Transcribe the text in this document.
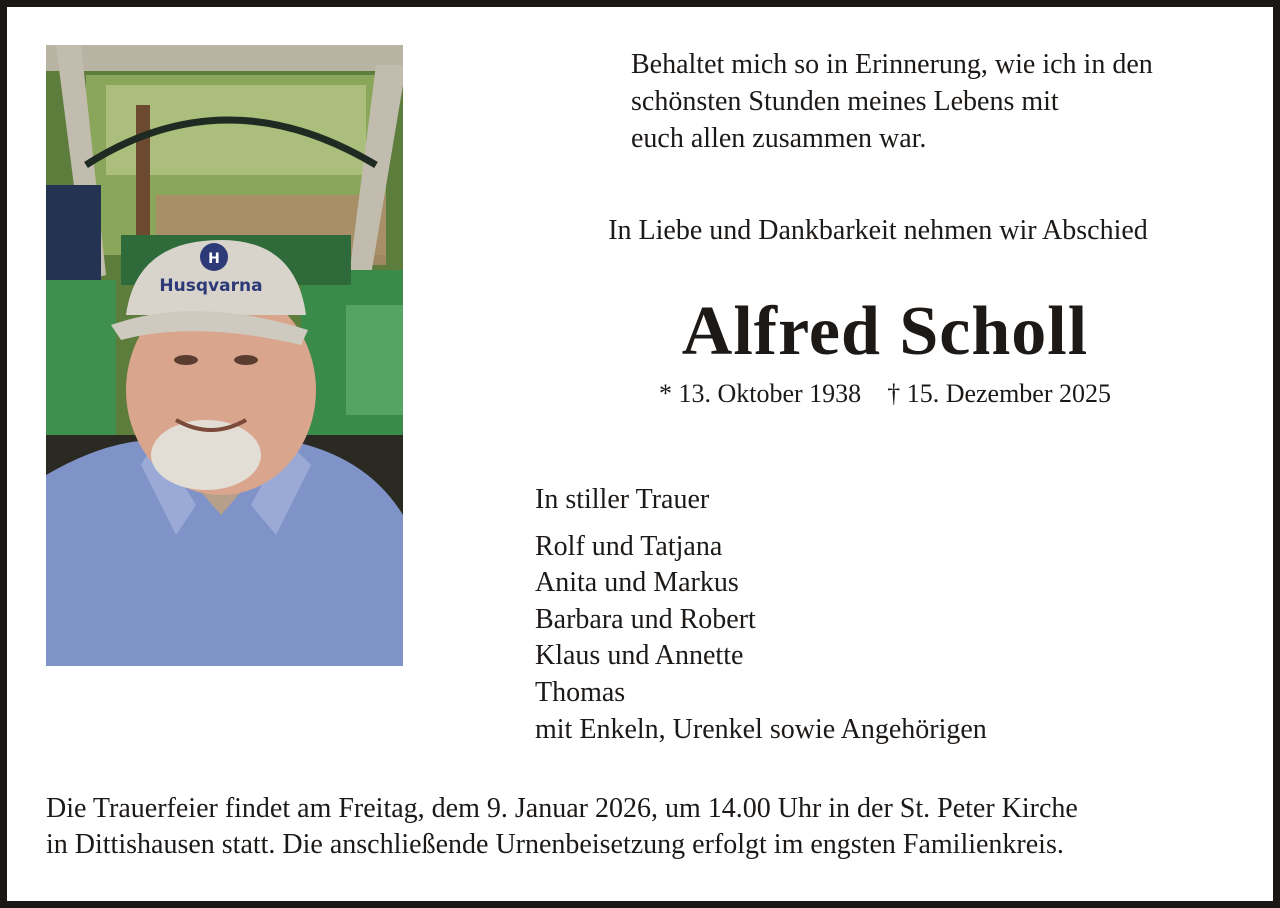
H
Husqvarna
Behaltet mich so in Erinnerung, wie ich in den
schönsten Stunden meines Lebens mit
euch allen zusammen war.
In Liebe und Dankbarkeit nehmen wir Abschied
Alfred Scholl
* 13. Oktober 1938 † 15. Dezember 2025
In stiller Trauer
Rolf und Tatjana
Anita und Markus
Barbara und Robert
Klaus und Annette
Thomas
mit Enkeln, Urenkel sowie Angehörigen
Die Trauerfeier findet am Freitag, dem 9. Januar 2026, um 14.00 Uhr in der St. Peter Kirche
in Dittishausen statt. Die anschließende Urnenbeisetzung erfolgt im engsten Familienkreis.
